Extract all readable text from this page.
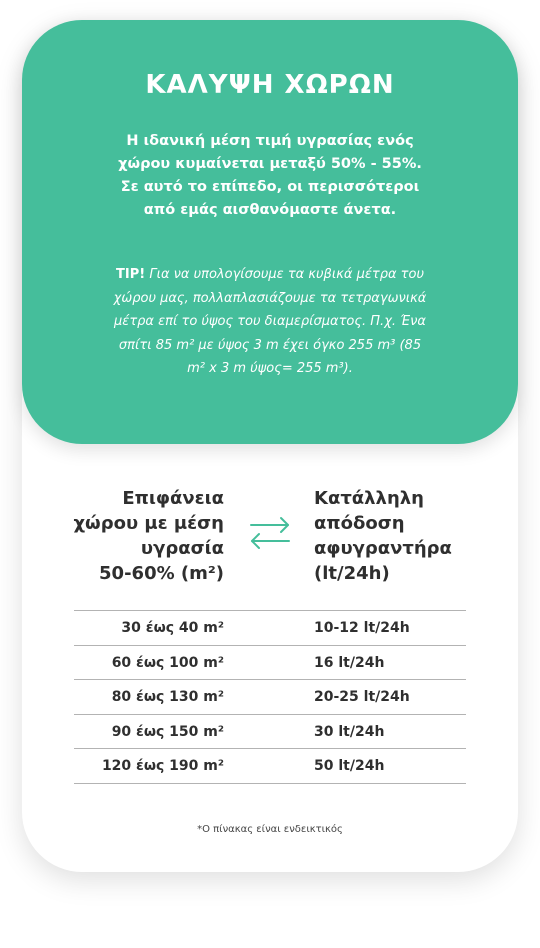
ΚΑΛΥΨΗ ΧΩΡΩΝ
Η ιδανική μέση τιμή υγρασίας ενός
χώρου κυμαίνεται μεταξύ 50% - 55%.
Σε αυτό το επίπεδο, οι περισσότεροι
από εμάς αισθανόμαστε άνετα.
TIP! Για να υπολογίσουμε τα κυβικά μέτρα του
χώρου μας, πολλαπλασιάζουμε τα τετραγωνικά
μέτρα επί το ύψος του διαμερίσματος. Π.χ. Ένα
σπίτι 85 m² με ύψος 3 m έχει όγκο 255 m³ (85
m² x 3 m ύψος= 255 m³).
Επιφάνεια
χώρου με μέση
υγρασία
50-60% (m²)
Κατάλληλη
απόδοση
αφυγραντήρα
(lt/24h)
30 έως 40 m²	10-12 lt/24h
60 έως 100 m²	16 lt/24h
80 έως 130 m²	20-25 lt/24h
90 έως 150 m²	30 lt/24h
120 έως 190 m²	50 lt/24h
*Ο πίνακας είναι ενδεικτικός
